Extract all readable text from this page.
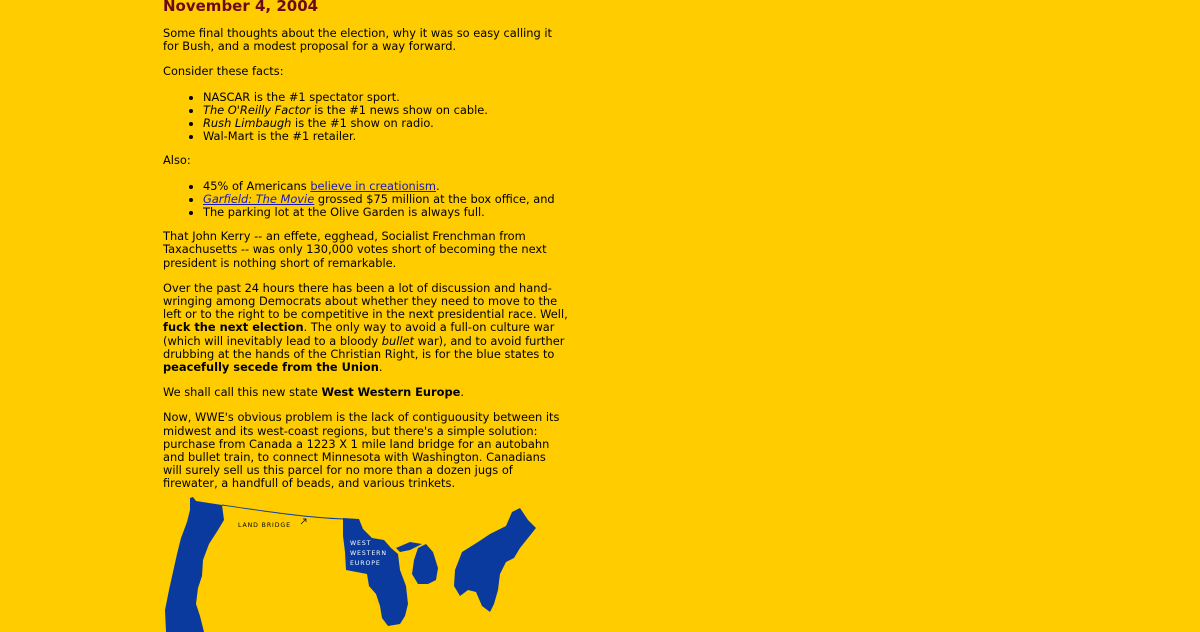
November 4, 2004

Some final thoughts about the election, why it was so easy calling it for Bush, and a modest proposal for a way forward.

Consider these facts:

• NASCAR is the #1 spectator sport.
• The O'Reilly Factor is the #1 news show on cable.
• Rush Limbaugh is the #1 show on radio.
• Wal-Mart is the #1 retailer.

Also:

• 45% of Americans believe in creationism.
• Garfield: The Movie grossed $75 million at the box office, and
• The parking lot at the Olive Garden is always full.

That John Kerry -- an effete, egghead, Socialist Frenchman from Taxachusetts -- was only 130,000 votes short of becoming the next president is nothing short of remarkable.

Over the past 24 hours there has been a lot of discussion and hand-wringing among Democrats about whether they need to move to the left or to the right to be competitive in the next presidential race. Well, fuck the next election. The only way to avoid a full-on culture war (which will inevitably lead to a bloody bullet war), and to avoid further drubbing at the hands of the Christian Right, is for the blue states to peacefully secede from the Union.

We shall call this new state West Western Europe.

Now, WWE's obvious problem is the lack of contiguousity between its midwest and its west-coast regions, but there's a simple solution: purchase from Canada a 1223 X 1 mile land bridge for an autobahn and bullet train, to connect Minnesota with Washington. Canadians will surely sell us this parcel for no more than a dozen jugs of firewater, a handfull of beads, and various trinkets.

LAND BRIDGE
WEST
WESTERN
EUROPE
